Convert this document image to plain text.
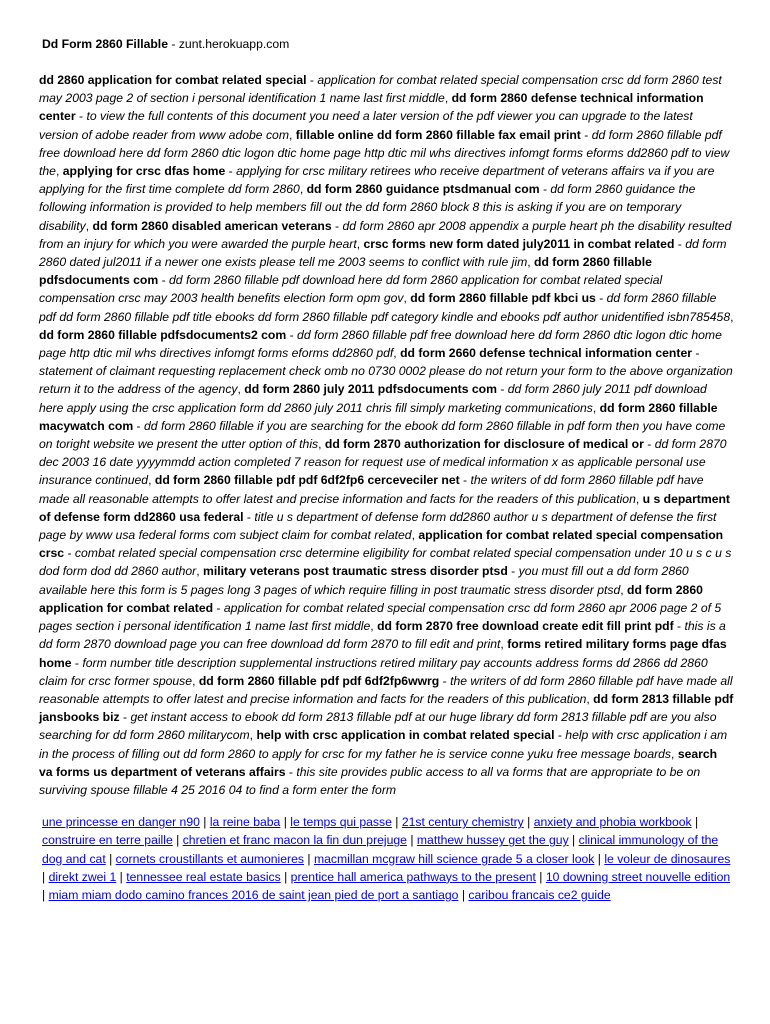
Dd Form 2860 Fillable - zunt.herokuapp.com

dd 2860 application for combat related special - application for combat related special compensation crsc dd form 2860 test may 2003 page 2 of section i personal identification 1 name last first middle, dd form 2860 defense technical information center - to view the full contents of this document you need a later version of the pdf viewer you can upgrade to the latest version of adobe reader from www adobe com, fillable online dd form 2860 fillable fax email print - dd form 2860 fillable pdf free download here dd form 2860 dtic logon dtic home page http dtic mil whs directives infomgt forms eforms dd2860 pdf to view the, applying for crsc dfas home - applying for crsc military retirees who receive department of veterans affairs va if you are applying for the first time complete dd form 2860, dd form 2860 guidance ptsdmanual com - dd form 2860 guidance the following information is provided to help members fill out the dd form 2860 block 8 this is asking if you are on temporary disability, dd form 2860 disabled american veterans - dd form 2860 apr 2008 appendix a purple heart ph the disability resulted from an injury for which you were awarded the purple heart, crsc forms new form dated july2011 in combat related - dd form 2860 dated jul2011 if a newer one exists please tell me 2003 seems to conflict with rule jim, dd form 2860 fillable pdfsdocuments com - dd form 2860 fillable pdf download here dd form 2860 application for combat related special compensation crsc may 2003 health benefits election form opm gov, dd form 2860 fillable pdf kbci us - dd form 2860 fillable pdf dd form 2860 fillable pdf title ebooks dd form 2860 fillable pdf category kindle and ebooks pdf author unidentified isbn785458, dd form 2860 fillable pdfsdocuments2 com - dd form 2860 fillable pdf free download here dd form 2860 dtic logon dtic home page http dtic mil whs directives infomgt forms eforms dd2860 pdf, dd form 2660 defense technical information center - statement of claimant requesting replacement check omb no 0730 0002 please do not return your form to the above organization return it to the address of the agency, dd form 2860 july 2011 pdfsdocuments com - dd form 2860 july 2011 pdf download here apply using the crsc application form dd 2860 july 2011 chris fill simply marketing communications, dd form 2860 fillable macywatch com - dd form 2860 fillable if you are searching for the ebook dd form 2860 fillable in pdf form then you have come on toright website we present the utter option of this, dd form 2870 authorization for disclosure of medical or - dd form 2870 dec 2003 16 date yyyymmdd action completed 7 reason for request use of medical information x as applicable personal use insurance continued, dd form 2860 fillable pdf pdf 6df2fp6 cerceveciler net - the writers of dd form 2860 fillable pdf have made all reasonable attempts to offer latest and precise information and facts for the readers of this publication, u s department of defense form dd2860 usa federal - title u s department of defense form dd2860 author u s department of defense the first page by www usa federal forms com subject claim for combat related, application for combat related special compensation crsc - combat related special compensation crsc determine eligibility for combat related special compensation under 10 u s c u s dod form dod dd 2860 author, military veterans post traumatic stress disorder ptsd - you must fill out a dd form 2860 available here this form is 5 pages long 3 pages of which require filling in post traumatic stress disorder ptsd, dd form 2860 application for combat related - application for combat related special compensation crsc dd form 2860 apr 2006 page 2 of 5 pages section i personal identification 1 name last first middle, dd form 2870 free download create edit fill print pdf - this is a dd form 2870 download page you can free download dd form 2870 to fill edit and print, forms retired military forms page dfas home - form number title description supplemental instructions retired military pay accounts address forms dd 2866 dd 2860 claim for crsc former spouse, dd form 2860 fillable pdf pdf 6df2fp6wwrg - the writers of dd form 2860 fillable pdf have made all reasonable attempts to offer latest and precise information and facts for the readers of this publication, dd form 2813 fillable pdf jansbooks biz - get instant access to ebook dd form 2813 fillable pdf at our huge library dd form 2813 fillable pdf are you also searching for dd form 2860 militarycom, help with crsc application in combat related special - help with crsc application i am in the process of filling out dd form 2860 to apply for crsc for my father he is service conne yuku free message boards, search va forms us department of veterans affairs - this site provides public access to all va forms that are appropriate to be on surviving spouse fillable 4 25 2016 04 to find a form enter the form

une princesse en danger n90 | la reine baba | le temps qui passe | 21st century chemistry | anxiety and phobia workbook | construire en terre paille | chretien et franc macon la fin dun prejuge | matthew hussey get the guy | clinical immunology of the dog and cat | cornets croustillants et aumonieres | macmillan mcgraw hill science grade 5 a closer look | le voleur de dinosaures | direkt zwei 1 | tennessee real estate basics | prentice hall america pathways to the present | 10 downing street nouvelle edition | miam miam dodo camino frances 2016 de saint jean pied de port a santiago | caribou francais ce2 guide
